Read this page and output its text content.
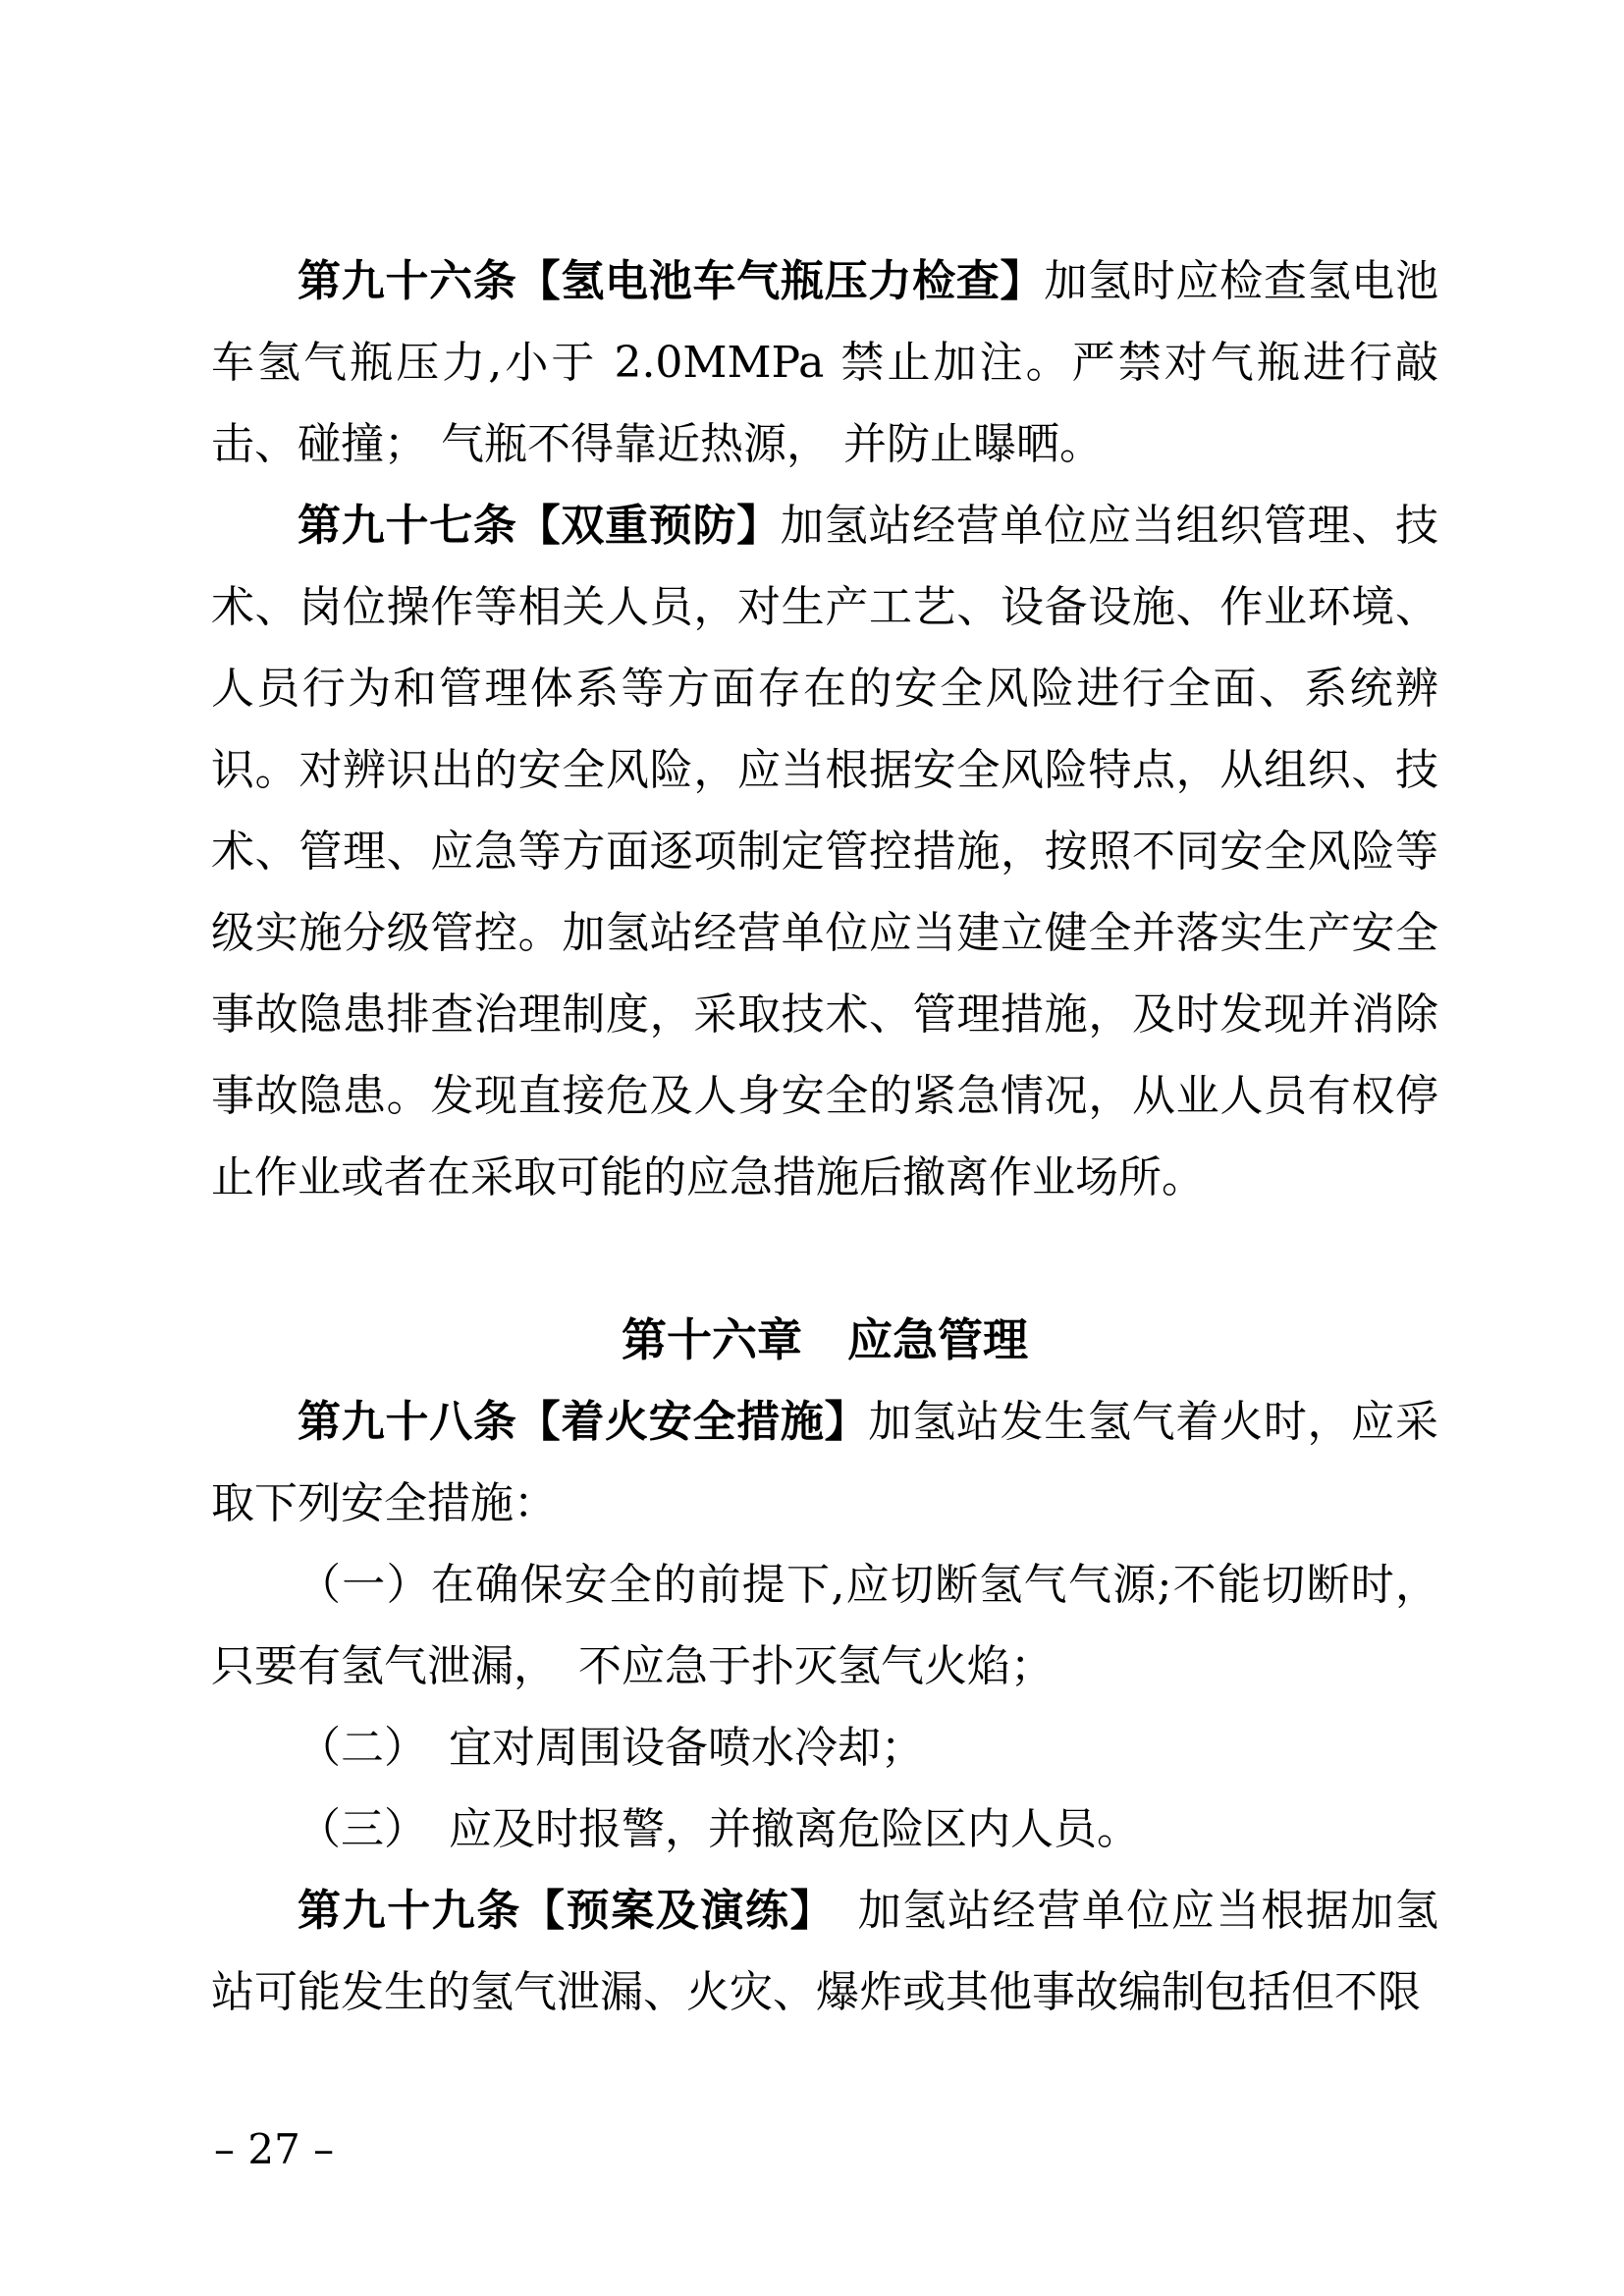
第九十六条【氢电池车气瓶压力检查】加氢时应检查氢电池车氢气瓶压力,小于 2.0MMPa 禁止加注。严禁对气瓶进行敲击、碰撞； 气瓶不得靠近热源， 并防止曝晒。

第九十七条【双重预防】加氢站经营单位应当组织管理、技术、岗位操作等相关人员，对生产工艺、设备设施、作业环境、人员行为和管理体系等方面存在的安全风险进行全面、系统辨识。对辨识出的安全风险，应当根据安全风险特点，从组织、技术、管理、应急等方面逐项制定管控措施，按照不同安全风险等级实施分级管控。加氢站经营单位应当建立健全并落实生产安全事故隐患排查治理制度，采取技术、管理措施，及时发现并消除事故隐患。发现直接危及人身安全的紧急情况，从业人员有权停止作业或者在采取可能的应急措施后撤离作业场所。

第十六章　应急管理

第九十八条【着火安全措施】加氢站发生氢气着火时，应采取下列安全措施：

（一）在确保安全的前提下,应切断氢气气源;不能切断时，只要有氢气泄漏，　不应急于扑灭氢气火焰；

（二）　宜对周围设备喷水冷却；

（三）　应及时报警，并撤离危险区内人员。

第九十九条【预案及演练】　加氢站经营单位应当根据加氢站可能发生的氢气泄漏、火灾、爆炸或其他事故编制包括但不限

– 27 –
